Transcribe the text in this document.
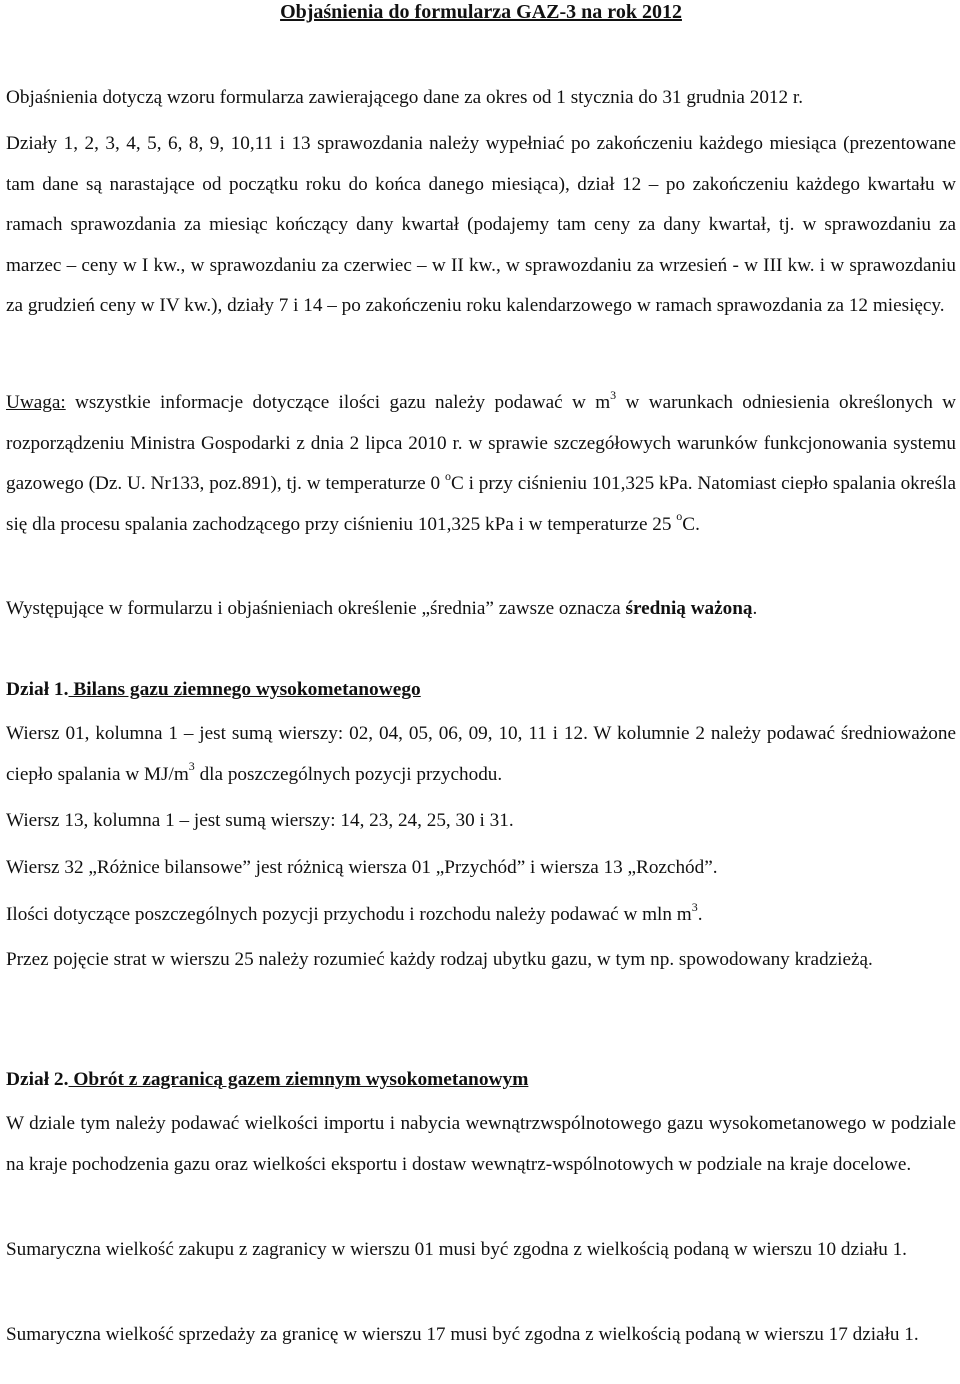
Objaśnienia do formularza GAZ-3 na rok 2012
Objaśnienia dotyczą wzoru formularza zawierającego dane za okres od 1 stycznia do 31 grudnia 2012 r.
Działy 1, 2, 3, 4, 5, 6, 8, 9, 10,11 i 13 sprawozdania należy wypełniać po zakończeniu każdego miesiąca (prezentowane tam dane są narastające od początku roku do końca danego miesiąca), dział 12 – po zakończeniu każdego kwartału w ramach sprawozdania za miesiąc kończący dany kwartał (podajemy tam ceny za dany kwartał, tj. w sprawozdaniu za marzec – ceny w I kw., w sprawozdaniu za czerwiec – w II kw., w sprawozdaniu za wrzesień - w III kw. i w sprawozdaniu za grudzień ceny w IV kw.), działy 7 i 14 – po zakończeniu roku kalendarzowego w ramach sprawozdania za 12 miesięcy.
Uwaga: wszystkie informacje dotyczące ilości gazu należy podawać w $m^3$ w warunkach odniesienia określonych w rozporządzeniu Ministra Gospodarki z dnia 2 lipca 2010 r. w sprawie szczegółowych warunków funkcjonowania systemu gazowego (Dz. U. Nr133, poz.891), tj. w temperaturze 0 $^o$C i przy ciśnieniu 101,325 kPa. Natomiast ciepło spalania określa się dla procesu spalania zachodzącego przy ciśnieniu 101,325 kPa i w temperaturze 25 $^o$C.
Występujące w formularzu i objaśnieniach określenie „średnia” zawsze oznacza średnią ważoną.
Dział 1. Bilans gazu ziemnego wysokometanowego
Wiersz 01, kolumna 1 – jest sumą wierszy: 02, 04, 05, 06, 09, 10, 11 i 12. W kolumnie 2 należy podawać średnioważone ciepło spalania w $MJ/m^3$ dla poszczególnych pozycji przychodu.
Wiersz 13, kolumna 1 – jest sumą wierszy: 14, 23, 24, 25, 30 i 31.
Wiersz 32 „Różnice bilansowe” jest różnicą wiersza 01 „Przychód” i wiersza 13 „Rozchód”.
Ilości dotyczące poszczególnych pozycji przychodu i rozchodu należy podawać w mln $m^3$.
Przez pojęcie strat w wierszu 25 należy rozumieć każdy rodzaj ubytku gazu, w tym np. spowodowany kradzieżą.
Dział 2. Obrót z zagranicą gazem ziemnym wysokometanowym
W dziale tym należy podawać wielkości importu i nabycia wewnątrzwspólnotowego gazu wysokometanowego w podziale na kraje pochodzenia gazu oraz wielkości eksportu i dostaw wewnątrz-wspólnotowych w podziale na kraje docelowe.
Sumaryczna wielkość zakupu z zagranicy w wierszu 01 musi być zgodna z wielkością podaną w wierszu 10 działu 1.
Sumaryczna wielkość sprzedaży za granicę w wierszu 17 musi być zgodna z wielkością podaną w wierszu 17 działu 1.
